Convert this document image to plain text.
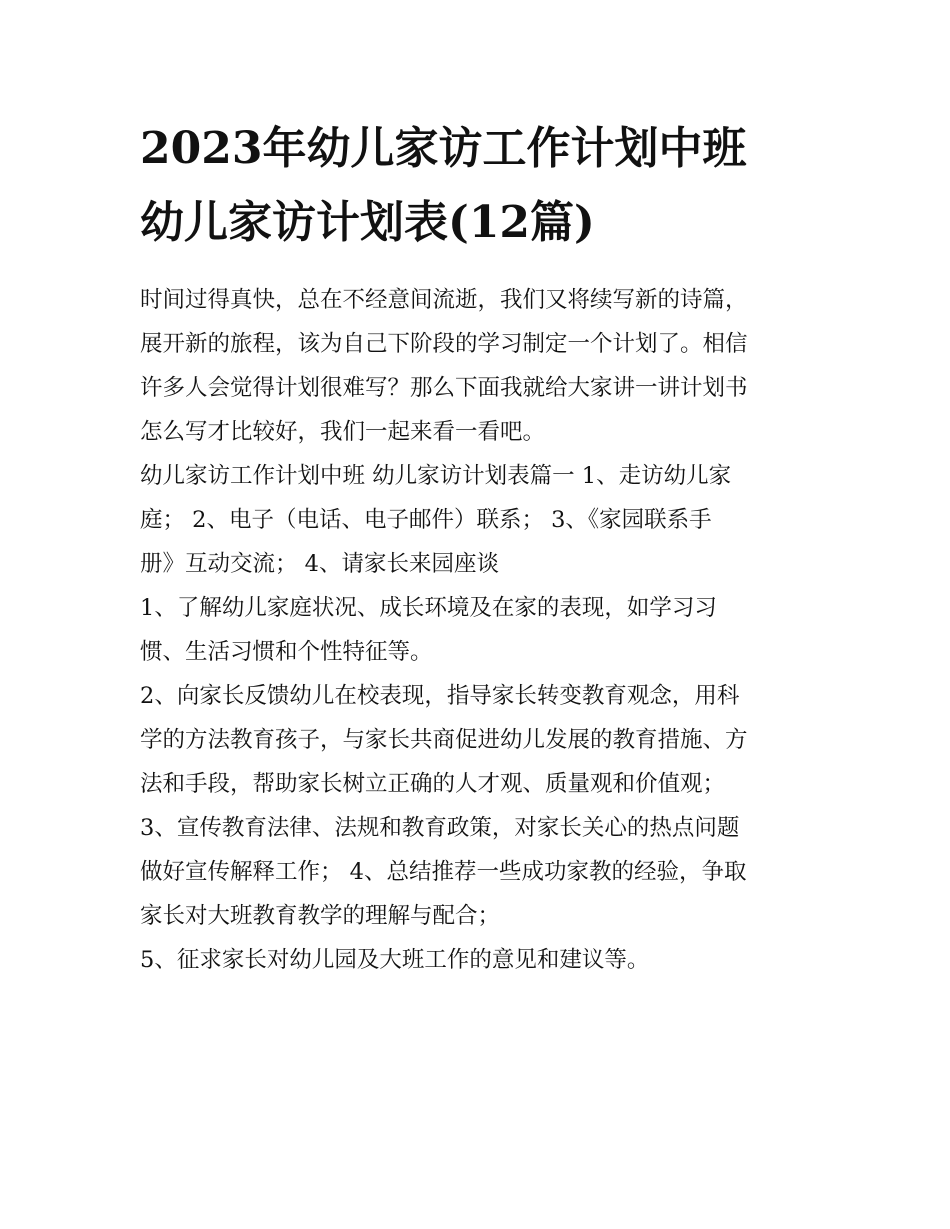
2023年幼儿家访工作计划中班
幼儿家访计划表(12篇)

时间过得真快，总在不经意间流逝，我们又将续写新的诗篇，
展开新的旅程，该为自己下阶段的学习制定一个计划了。相信
许多人会觉得计划很难写？那么下面我就给大家讲一讲计划书
怎么写才比较好，我们一起来看一看吧。

幼儿家访工作计划中班 幼儿家访计划表篇一 1、走访幼儿家
庭； 2、电子（电话、电子邮件）联系； 3、《家园联系手
册》互动交流； 4、请家长来园座谈

1、了解幼儿家庭状况、成长环境及在家的表现，如学习习
惯、生活习惯和个性特征等。

2、向家长反馈幼儿在校表现，指导家长转变教育观念，用科
学的方法教育孩子，与家长共商促进幼儿发展的教育措施、方
法和手段，帮助家长树立正确的人才观、质量观和价值观；

3、宣传教育法律、法规和教育政策，对家长关心的热点问题
做好宣传解释工作； 4、总结推荐一些成功家教的经验，争取
家长对大班教育教学的理解与配合；

5、征求家长对幼儿园及大班工作的意见和建议等。
